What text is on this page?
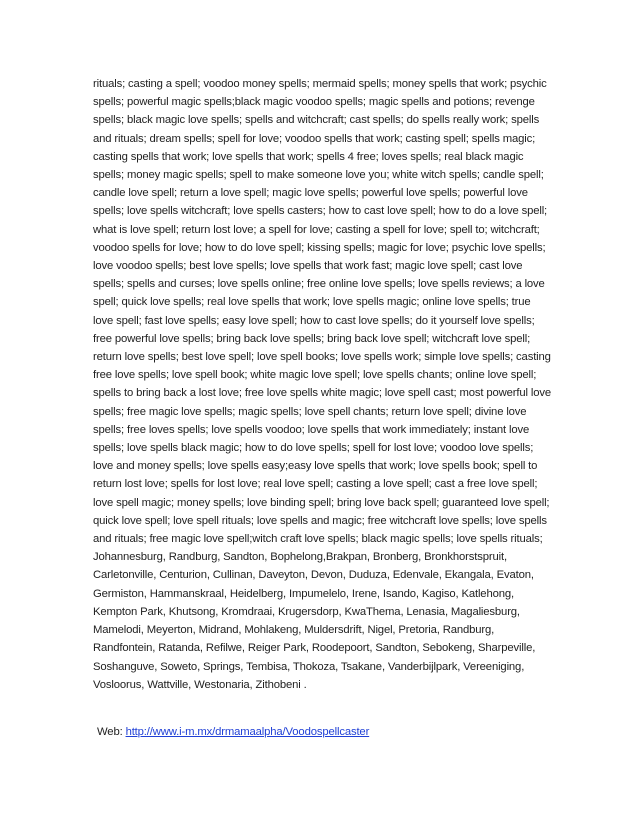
rituals; casting a spell; voodoo money spells; mermaid spells; money spells that work; psychic spells; powerful magic spells;black magic voodoo spells; magic spells and potions; revenge spells; black magic love spells; spells and witchcraft; cast spells; do spells really work; spells and rituals; dream spells; spell for love; voodoo spells that work; casting spell; spells magic; casting spells that work; love spells that work; spells 4 free; loves spells; real black magic spells; money magic spells; spell to make someone love you; white witch spells; candle spell; candle love spell; return a love spell; magic love spells; powerful love spells; powerful love spells; love spells witchcraft; love spells casters; how to cast love spell; how to do a love spell; what is love spell; return lost love; a spell for love; casting a spell for love; spell to; witchcraft; voodoo spells for love; how to do love spell; kissing spells; magic for love; psychic love spells; love voodoo spells; best love spells; love spells that work fast; magic love spell; cast love spells; spells and curses; love spells online; free online love spells; love spells reviews; a love spell; quick love spells; real love spells that work; love spells magic; online love spells; true love spell; fast love spells; easy love spell; how to cast love spells; do it yourself love spells; free powerful love spells; bring back love spells; bring back love spell; witchcraft love spell; return love spells; best love spell; love spell books; love spells work; simple love spells; casting free love spells; love spell book; white magic love spell; love spells chants; online love spell; spells to bring back a lost love; free love spells white magic; love spell cast; most powerful love spells; free magic love spells; magic spells; love spell chants; return love spell; divine love spells; free loves spells; love spells voodoo; love spells that work immediately; instant love spells; love spells black magic; how to do love spells; spell for lost love; voodoo love spells; love and money spells; love spells easy;easy love spells that work; love spells book; spell to return lost love; spells for lost love; real love spell; casting a love spell; cast a free love spell; love spell magic; money spells; love binding spell; bring love back spell; guaranteed love spell; quick love spell; love spell rituals; love spells and magic; free witchcraft love spells; love spells and rituals; free magic love spell;witch craft love spells; black magic spells; love spells rituals; Johannesburg, Randburg, Sandton, Bophelong,Brakpan, Bronberg, Bronkhorstspruit, Carletonville, Centurion, Cullinan, Daveyton, Devon, Duduza, Edenvale, Ekangala, Evaton, Germiston, Hammanskraal, Heidelberg, Impumelelo, Irene, Isando, Kagiso, Katlehong, Kempton Park, Khutsong, Kromdraai, Krugersdorp, KwaThema, Lenasia, Magaliesburg, Mamelodi, Meyerton, Midrand, Mohlakeng, Muldersdrift, Nigel, Pretoria, Randburg, Randfontein, Ratanda, Refilwe, Reiger Park, Roodepoort, Sandton, Sebokeng, Sharpeville, Soshanguve, Soweto, Springs, Tembisa, Thokoza, Tsakane, Vanderbijlpark, Vereeniging, Vosloorus, Wattville, Westonaria, Zithobeni .

Web: http://www.i-m.mx/drmamaalpha/Voodospellcaster
